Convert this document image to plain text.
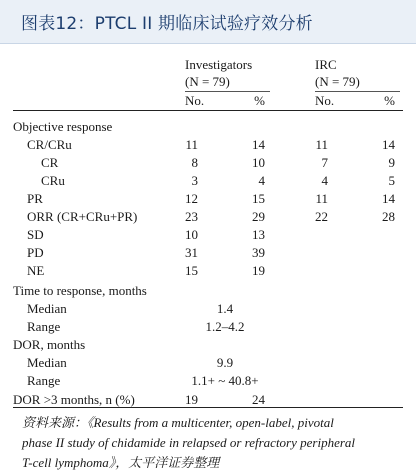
图表12：PTCL II 期临床试验疗效分析
Investigators
(N = 79)
IRC
(N = 79)
No.	%	No.	%
Objective response
CR/CRu	11	14	11	14
CR	8	10	7	9
CRu	3	4	4	5
PR	12	15	11	14
ORR (CR+CRu+PR)	23	29	22	28
SD	10	13
PD	31	39
NE	15	19
Time to response, months
Median	1.4
Range	1.2–4.2
DOR, months
Median	9.9
Range	1.1+ ~ 40.8+
DOR >3 months, n (%)	19	24
资料来源：《Results from a multicenter, open-label, pivotal
phase II study of chidamide in relapsed or refractory peripheral
T-cell lymphoma》，太平洋证券整理
